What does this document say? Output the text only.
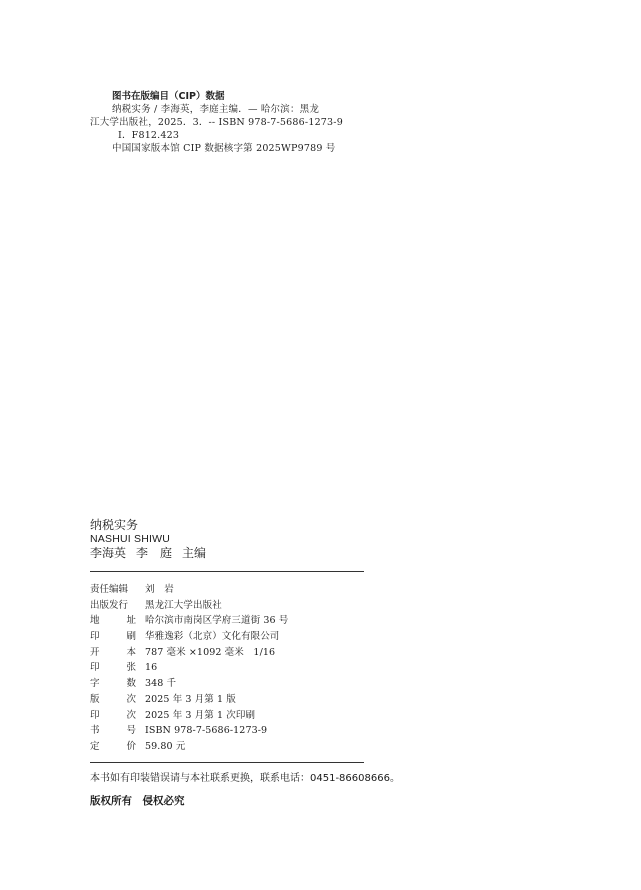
图书在版编目（CIP）数据
纳税实务 / 李海英，李庭主编．— 哈尔滨：黑龙
江大学出版社，2025．3．-- ISBN 978-7-5686-1273-9
Ⅰ．F812.423
中国国家版本馆 CIP 数据核字第 2025WP9789 号
纳税实务
NASHUI SHIWU
李海英 李　庭 主编
责任编辑 刘　岩
出版发行 黑龙江大学出版社
地	址 哈尔滨市南岗区学府三道街 36 号
印	刷 华雅逸彩（北京）文化有限公司
开	本 787 毫米 ×1092 毫米　1/16
印	张 16
字	数 348 千
版	次 2025 年 3 月第 1 版
印	次 2025 年 3 月第 1 次印刷
书	号 ISBN 978-7-5686-1273-9
定	价 59.80 元
本书如有印装错误请与本社联系更换，联系电话：0451-86608666。
版权所有　侵权必究
